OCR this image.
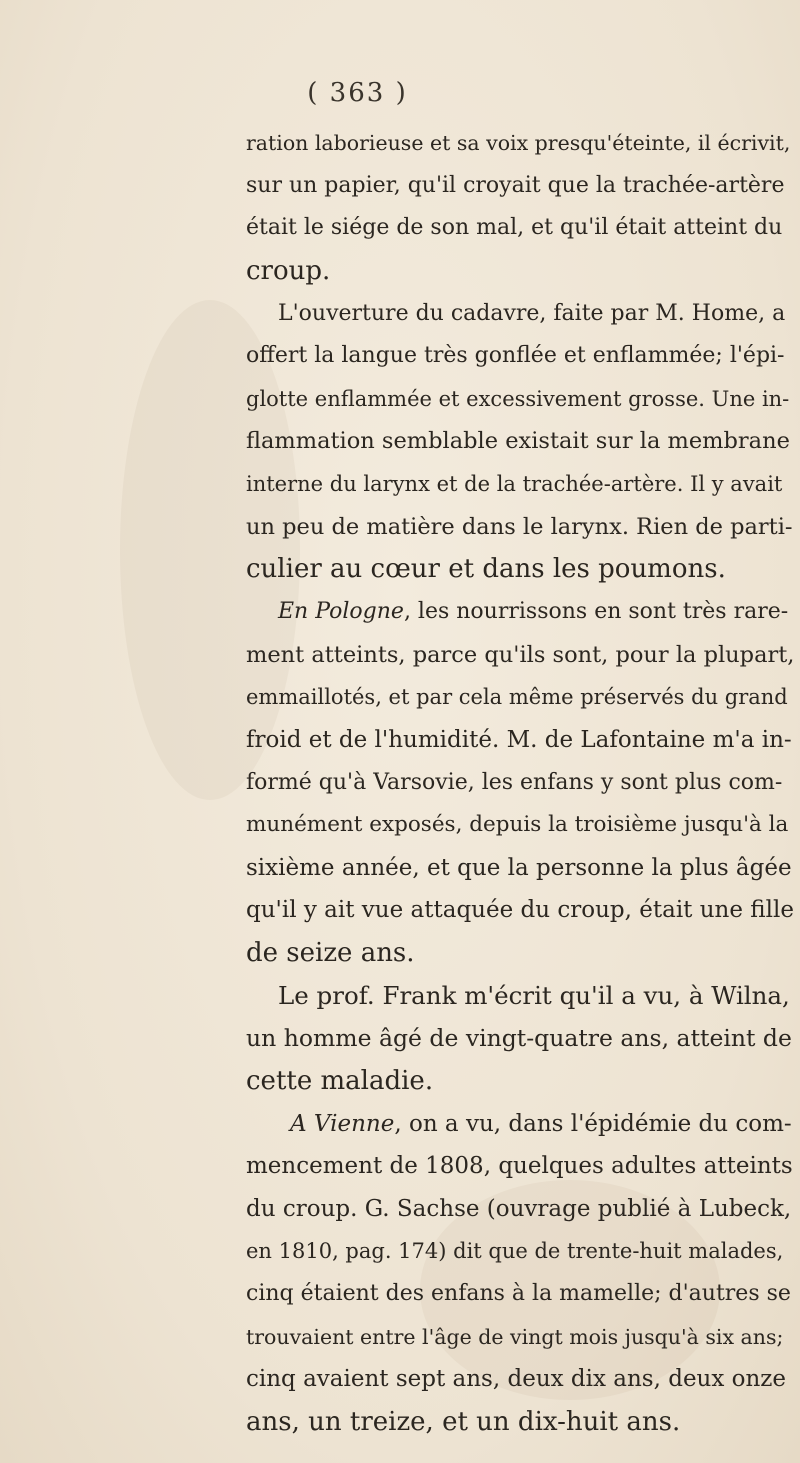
( 363 )
ration laborieuse et sa voix presqu'éteinte, il écrivit,
sur un papier, qu'il croyait que la trachée-artère
était le siége de son mal, et qu'il était atteint du
croup.
L'ouverture du cadavre, faite par M. Home, a
offert la langue très gonflée et enflammée; l'épi-
glotte enflammée et excessivement grosse. Une in-
flammation semblable existait sur la membrane
interne du larynx et de la trachée-artère. Il y avait
un peu de matière dans le larynx. Rien de parti-
culier au cœur et dans les poumons.
En Pologne, les nourrissons en sont très rare-
ment atteints, parce qu'ils sont, pour la plupart,
emmaillotés, et par cela même préservés du grand
froid et de l'humidité. M. de Lafontaine m'a in-
formé qu'à Varsovie, les enfans y sont plus com-
munément exposés, depuis la troisième jusqu'à la
sixième année, et que la personne la plus âgée
qu'il y ait vue attaquée du croup, était une fille
de seize ans.
Le prof. Frank m'écrit qu'il a vu, à Wilna,
un homme âgé de vingt-quatre ans, atteint de
cette maladie.
A Vienne, on a vu, dans l'épidémie du com-
mencement de 1808, quelques adultes atteints
du croup. G. Sachse (ouvrage publié à Lubeck,
en 1810, pag. 174) dit que de trente-huit malades,
cinq étaient des enfans à la mamelle; d'autres se
trouvaient entre l'âge de vingt mois jusqu'à six ans;
cinq avaient sept ans, deux dix ans, deux onze
ans, un treize, et un dix-huit ans.
